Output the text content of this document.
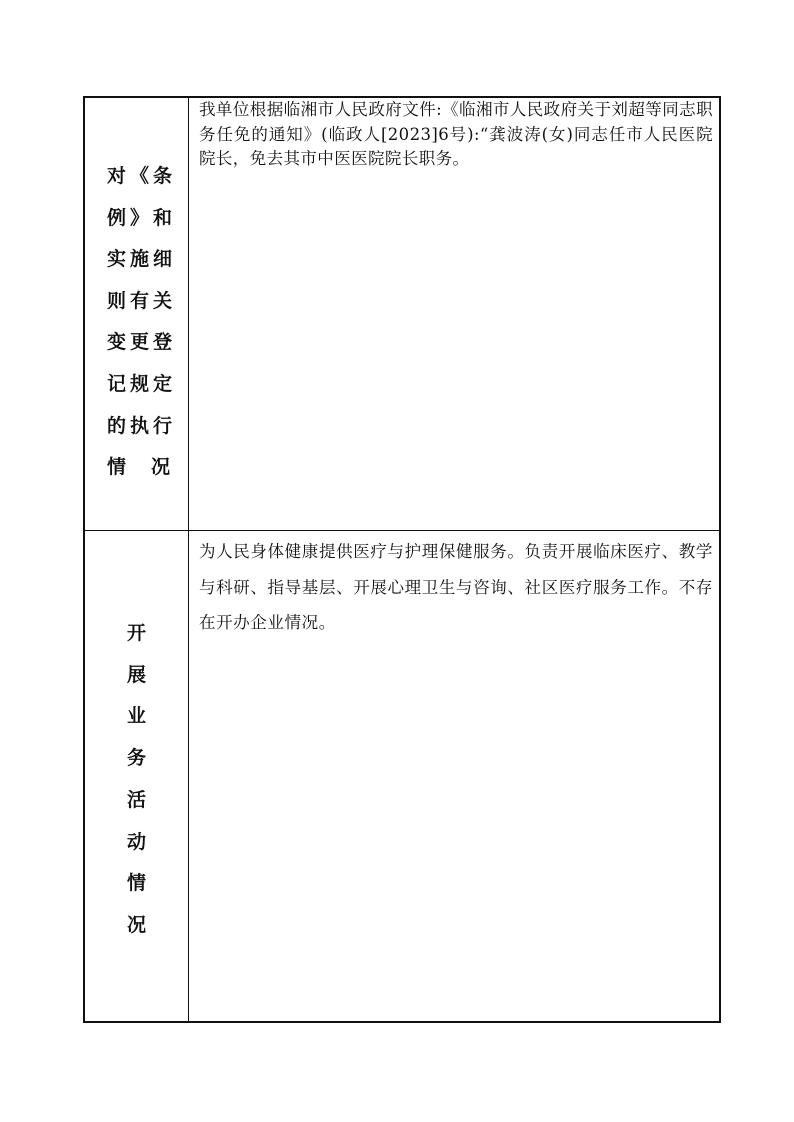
对《条
例》和
实施细
则有关
变更登
记规定
的执行
情 况

我单位根据临湘市人民政府文件:《临湘市人民政府关于刘超等同志职务任免的通知》(临政人[2023]6号):“龚波涛(女)同志任市人民医院院长，免去其市中医医院院长职务。

开
展
业
务
活
动
情
况

为人民身体健康提供医疗与护理保健服务。负责开展临床医疗、教学与科研、指导基层、开展心理卫生与咨询、社区医疗服务工作。不存在开办企业情况。
